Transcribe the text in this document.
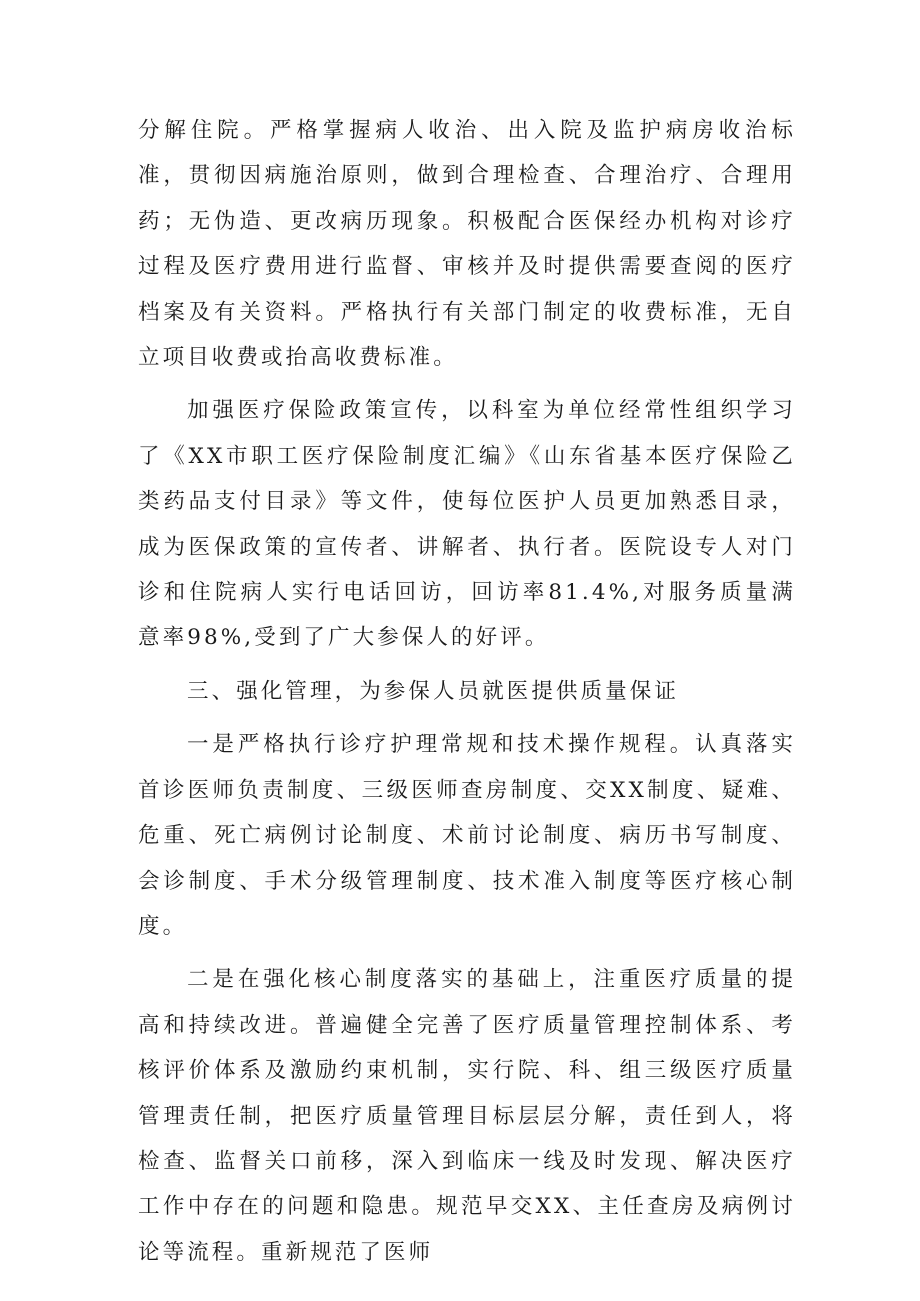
分解住院。严格掌握病人收治、出入院及监护病房收治标准，贯彻因病施治原则，做到合理检查、合理治疗、合理用药；无伪造、更改病历现象。积极配合医保经办机构对诊疗过程及医疗费用进行监督、审核并及时提供需要查阅的医疗档案及有关资料。严格执行有关部门制定的收费标准，无自立项目收费或抬高收费标准。

加强医疗保险政策宣传，以科室为单位经常性组织学习了《XX市职工医疗保险制度汇编》《山东省基本医疗保险乙类药品支付目录》等文件，使每位医护人员更加熟悉目录，成为医保政策的宣传者、讲解者、执行者。医院设专人对门诊和住院病人实行电话回访，回访率81.4%,对服务质量满意率98%,受到了广大参保人的好评。

三、强化管理，为参保人员就医提供质量保证

一是严格执行诊疗护理常规和技术操作规程。认真落实首诊医师负责制度、三级医师查房制度、交XX制度、疑难、危重、死亡病例讨论制度、术前讨论制度、病历书写制度、会诊制度、手术分级管理制度、技术准入制度等医疗核心制度。

二是在强化核心制度落实的基础上，注重医疗质量的提高和持续改进。普遍健全完善了医疗质量管理控制体系、考核评价体系及激励约束机制，实行院、科、组三级医疗质量管理责任制，把医疗质量管理目标层层分解，责任到人，将检查、监督关口前移，深入到临床一线及时发现、解决医疗工作中存在的问题和隐患。规范早交XX、主任查房及病例讨论等流程。重新规范了医师
